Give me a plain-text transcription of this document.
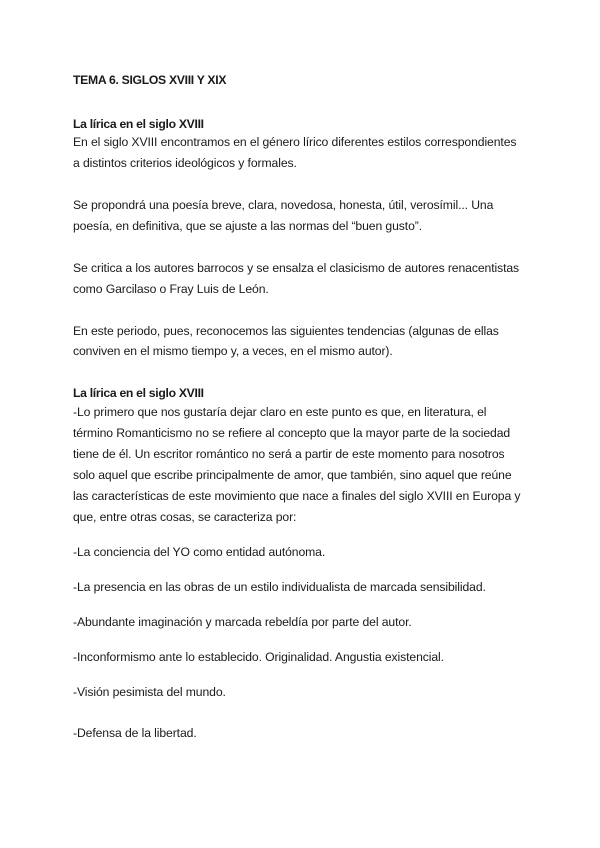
TEMA 6. SIGLOS XVIII Y XIX
La lírica en el siglo XVIII
En el siglo XVIII encontramos en el género lírico diferentes estilos correspondientes
a distintos criterios ideológicos y formales.
Se propondrá una poesía breve, clara, novedosa, honesta, útil, verosímil... Una
poesía, en definitiva, que se ajuste a las normas del “buen gusto”.
Se critica a los autores barrocos y se ensalza el clasicismo de autores renacentistas
como Garcilaso o Fray Luis de León.
En este periodo, pues, reconocemos las siguientes tendencias (algunas de ellas
conviven en el mismo tiempo y, a veces, en el mismo autor).
La lírica en el siglo XVIII
-Lo primero que nos gustaría dejar claro en este punto es que, en literatura, el
término Romanticismo no se refiere al concepto que la mayor parte de la sociedad
tiene de él. Un escritor romántico no será a partir de este momento para nosotros
solo aquel que escribe principalmente de amor, que también, sino aquel que reúne
las características de este movimiento que nace a finales del siglo XVIII en Europa y
que, entre otras cosas, se caracteriza por:
-La conciencia del YO como entidad autónoma.
-La presencia en las obras de un estilo individualista de marcada sensibilidad.
-Abundante imaginación y marcada rebeldía por parte del autor.
-Inconformismo ante lo establecido. Originalidad. Angustia existencial.
-Visión pesimista del mundo.
-Defensa de la libertad.
